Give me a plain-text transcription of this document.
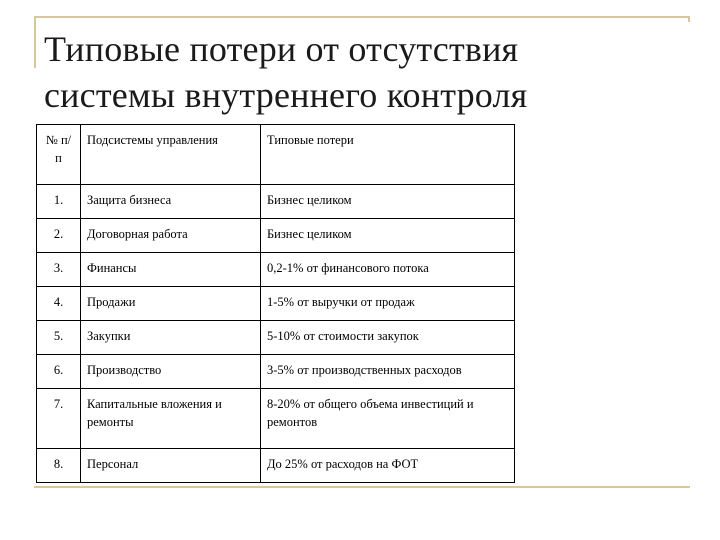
Типовые потери от отсутствия
системы внутреннего контроля
№ п/п	Подсистемы управления	Типовые потери
1.	Защита бизнеса	Бизнес целиком
2.	Договорная работа	Бизнес целиком
3.	Финансы	0,2-1% от финансового потока
4.	Продажи	1-5% от выручки от продаж
5.	Закупки	5-10% от стоимости закупок
6.	Производство	3-5% от производственных расходов
7.	Капитальные вложения и ремонты	8-20% от общего объема инвестиций и ремонтов
8.	Персонал	До 25% от расходов на ФОТ
